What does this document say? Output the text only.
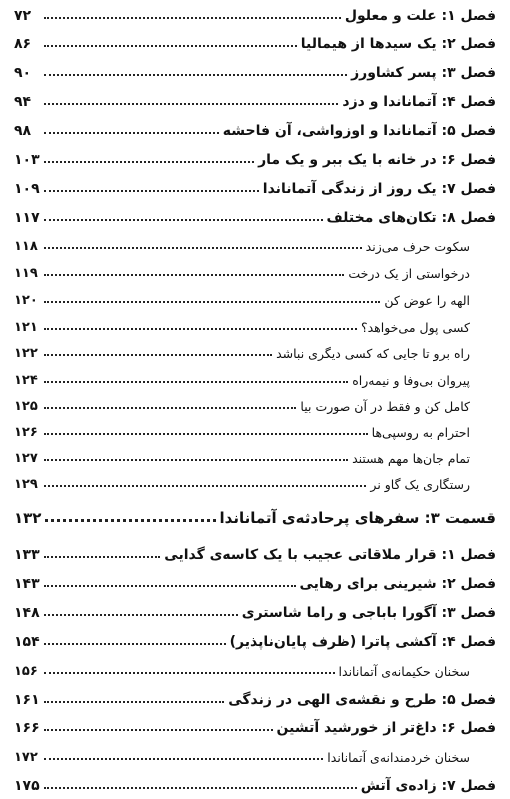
فصل ۱: علت و معلول
۷۲
فصل ۲: یک سیدها از هیمالیا
۸۶
فصل ۳: پسر کشاورز
۹۰
فصل ۴: آتماناندا و دزد
۹۴
فصل ۵: آتماناندا و اوزواشی، آن فاحشه
۹۸
فصل ۶: در خانه با یک ببر و یک مار
۱۰۳
فصل ۷: یک روز از زندگی آتماناندا
۱۰۹
فصل ۸: تکان‌های مختلف
۱۱۷
سکوت حرف می‌زند
۱۱۸
درخواستی از یک درخت
۱۱۹
الهه را عوض کن
۱۲۰
کسی پول می‌خواهد؟
۱۲۱
راه برو تا جایی که کسی دیگری نباشد
۱۲۲
پیروان بی‌وفا و نیمه‌راه
۱۲۴
کامل کن و فقط در آن صورت بیا
۱۲۵
احترام به روسپی‌ها
۱۲۶
تمام جان‌ها مهم هستند
۱۲۷
رستگاری یک گاو نر
۱۲۹
قسمت ۳: سفرهای پرحادثه‌ی آتماناندا
۱۳۲
فصل ۱: قرار ملاقاتی عجیب با یک کاسه‌ی گدایی
۱۳۳
فصل ۲: شیرینی برای رهایی
۱۴۳
فصل ۳: آگورا باباجی و راما شاستری
۱۴۸
فصل ۴: آکشی پاترا (ظرف پایان‌ناپذیر)
۱۵۴
سخنان حکیمانه‌ی آتماناندا
۱۵۶
فصل ۵: طرح و نقشه‌ی الهی در زندگی
۱۶۱
فصل ۶: داغ‌تر از خورشید آتشین
۱۶۶
سخنان خردمندانه‌ی آتماناندا
۱۷۲
فصل ۷: زاده‌ی آتش
۱۷۵
